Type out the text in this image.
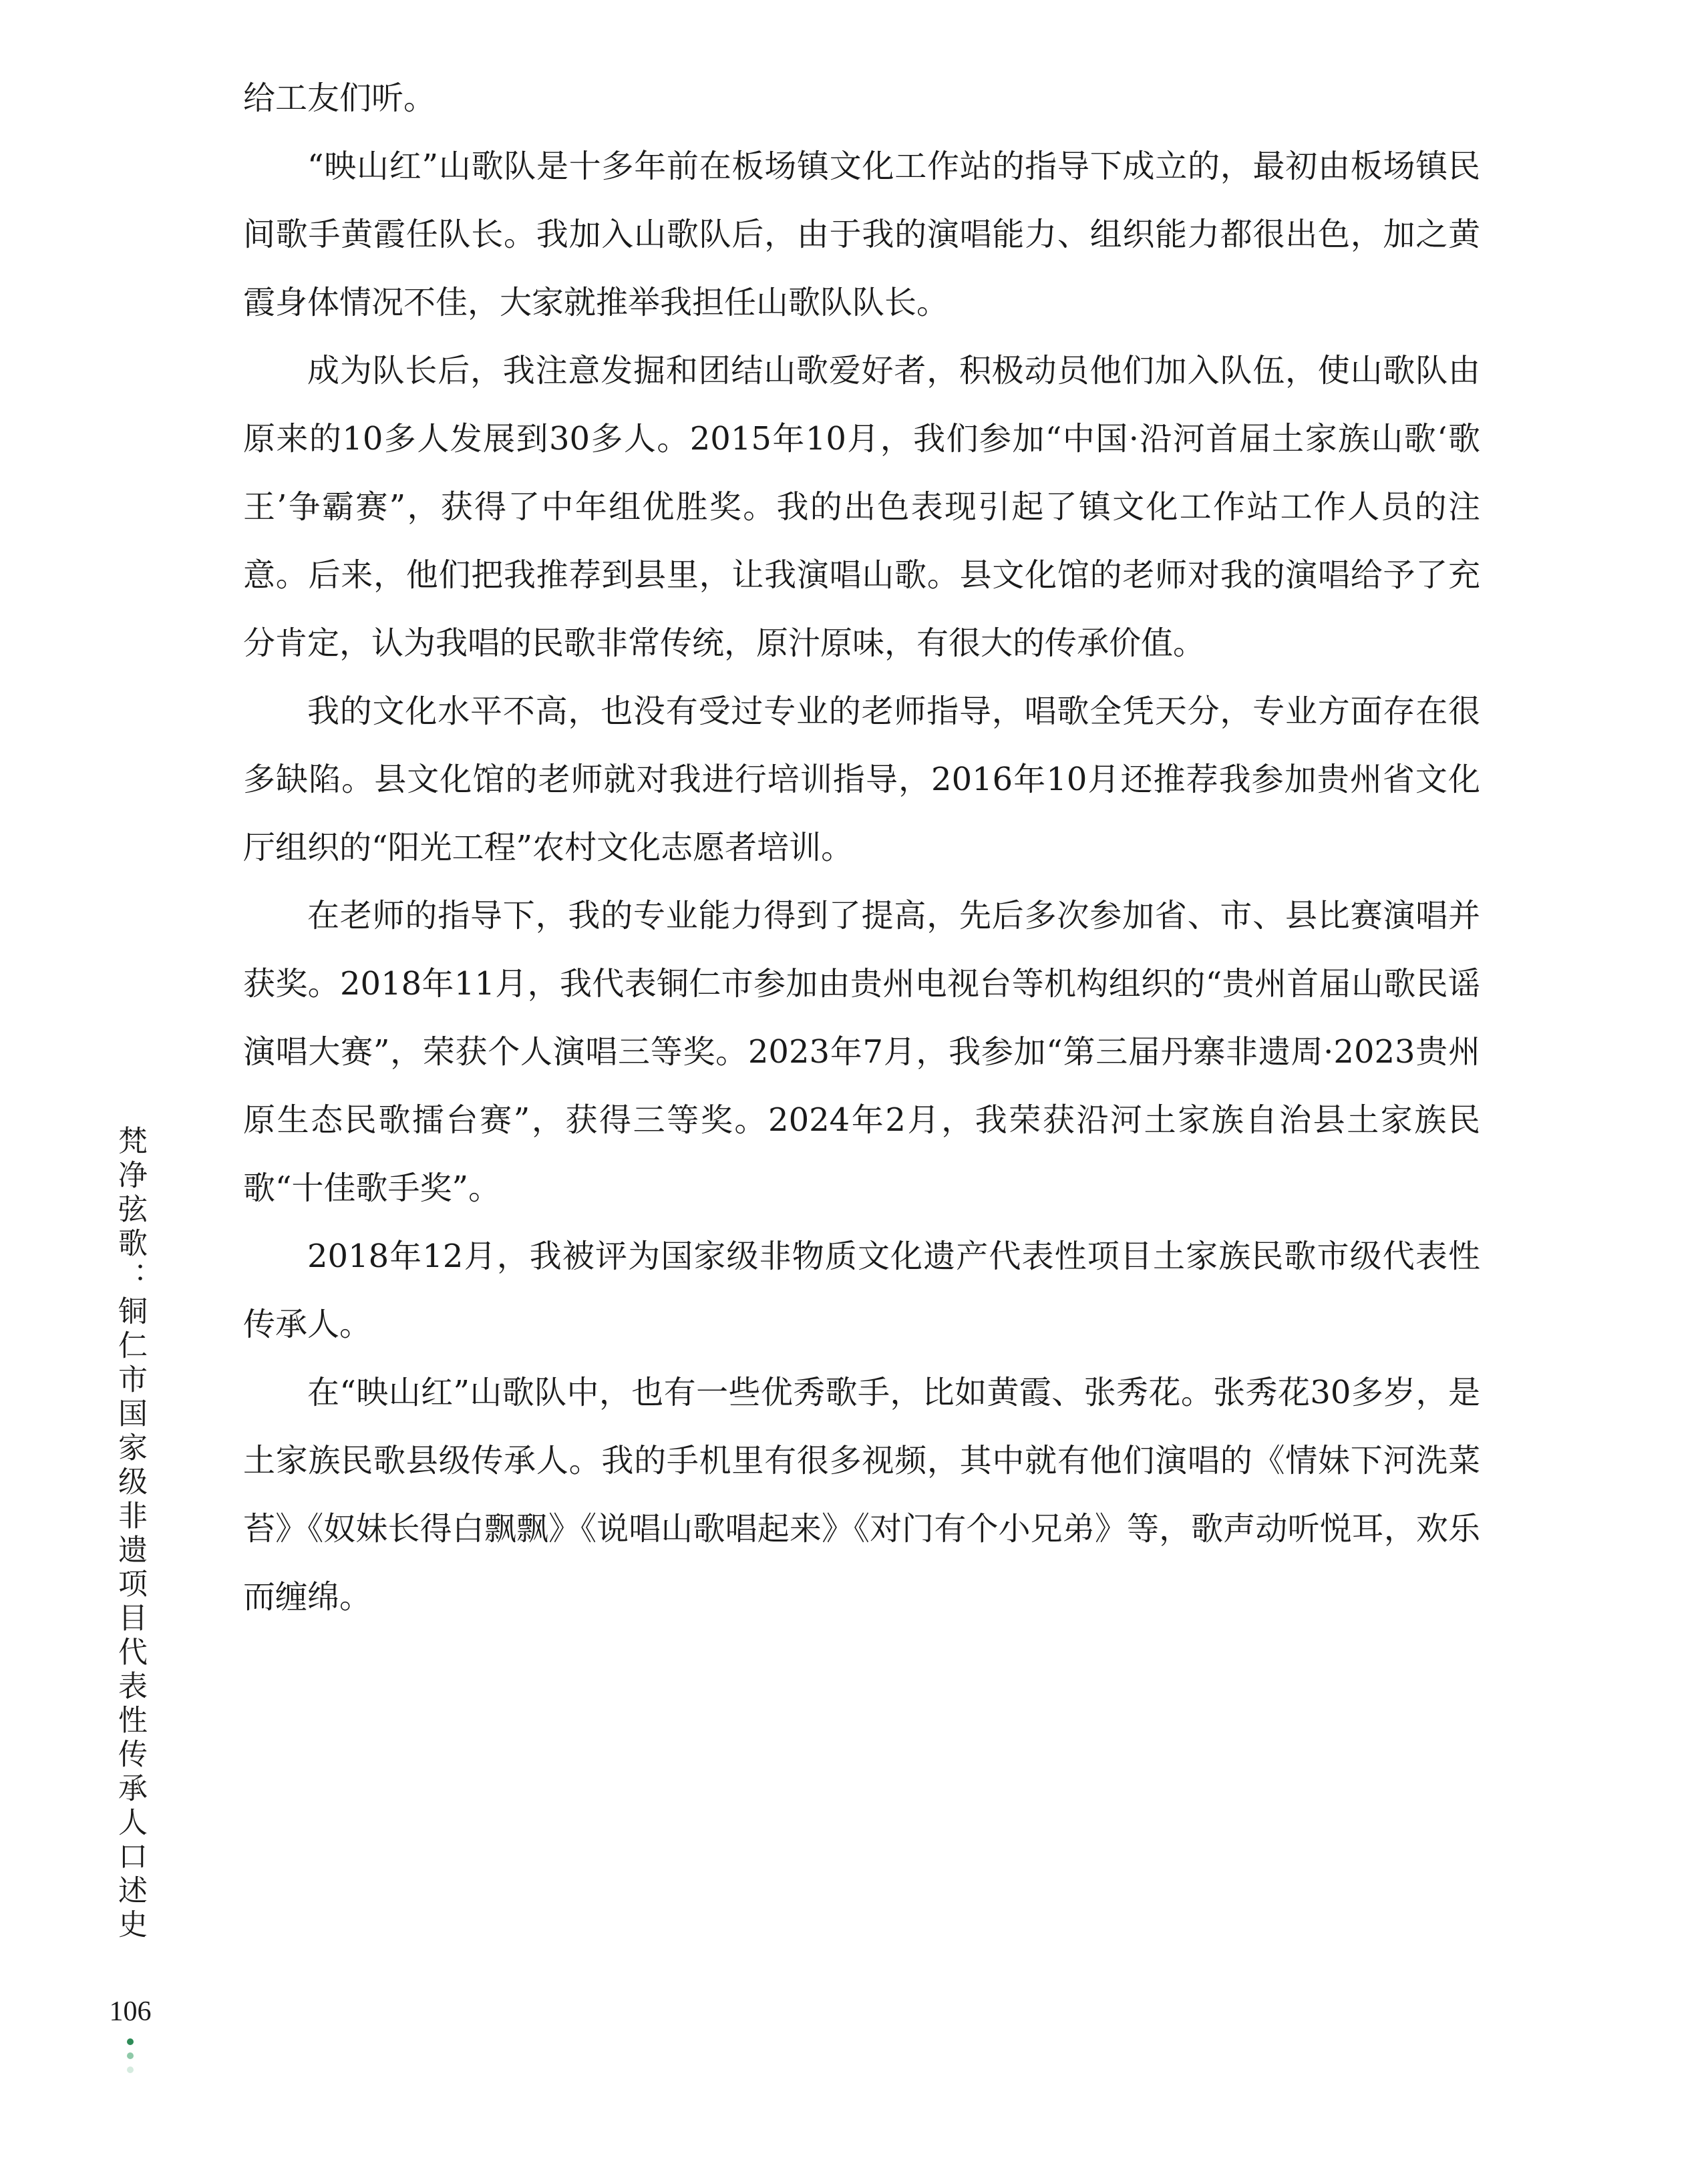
给工友们听。

“映山红”山歌队是十多年前在板场镇文化工作站的指导下成立的，最初由板场镇民间歌手黄霞任队长。我加入山歌队后，由于我的演唱能力、组织能力都很出色，加之黄霞身体情况不佳，大家就推举我担任山歌队队长。

成为队长后，我注意发掘和团结山歌爱好者，积极动员他们加入队伍，使山歌队由原来的10多人发展到30多人。2015年10月，我们参加“中国·沿河首届土家族山歌‘歌王’争霸赛”，获得了中年组优胜奖。我的出色表现引起了镇文化工作站工作人员的注意。后来，他们把我推荐到县里，让我演唱山歌。县文化馆的老师对我的演唱给予了充分肯定，认为我唱的民歌非常传统，原汁原味，有很大的传承价值。

我的文化水平不高，也没有受过专业的老师指导，唱歌全凭天分，专业方面存在很多缺陷。县文化馆的老师就对我进行培训指导，2016年10月还推荐我参加贵州省文化厅组织的“阳光工程”农村文化志愿者培训。

在老师的指导下，我的专业能力得到了提高，先后多次参加省、市、县比赛演唱并获奖。2018年11月，我代表铜仁市参加由贵州电视台等机构组织的“贵州首届山歌民谣演唱大赛”，荣获个人演唱三等奖。2023年7月，我参加“第三届丹寨非遗周·2023贵州原生态民歌擂台赛”，获得三等奖。2024年2月，我荣获沿河土家族自治县土家族民歌“十佳歌手奖”。

2018年12月，我被评为国家级非物质文化遗产代表性项目土家族民歌市级代表性传承人。

在“映山红”山歌队中，也有一些优秀歌手，比如黄霞、张秀花。张秀花30多岁，是土家族民歌县级传承人。我的手机里有很多视频，其中就有他们演唱的《情妹下河洗菜苔》《奴妹长得白飘飘》《说唱山歌唱起来》《对门有个小兄弟》等，歌声动听悦耳，欢乐而缠绵。

梵净弦歌：铜仁市国家级非遗项目代表性传承人口述史
106
